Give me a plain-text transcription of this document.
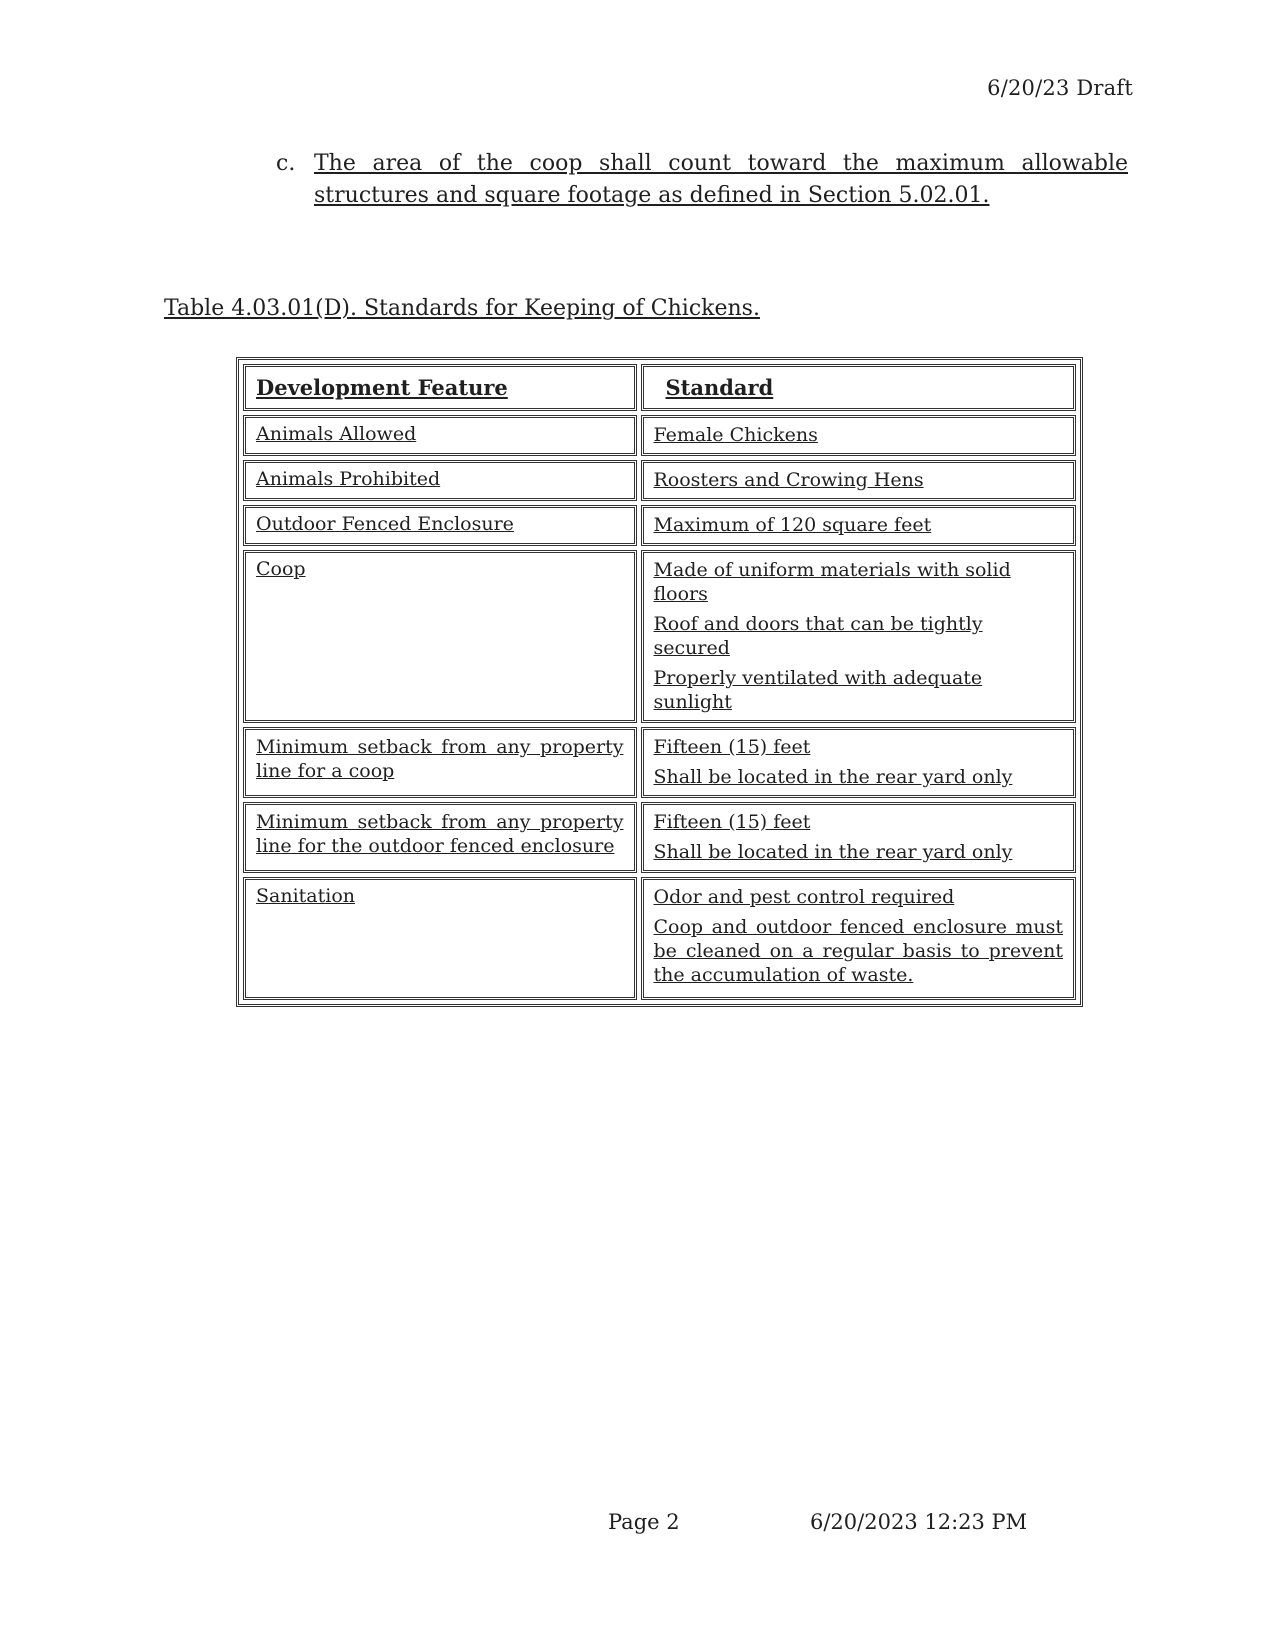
6/20/23 Draft
c. The area of the coop shall count toward the maximum allowable structures and square footage as defined in Section 5.02.01.
Table 4.03.01(D). Standards for Keeping of Chickens.
Development Feature	Standard
Animals Allowed	Female Chickens

Animals Prohibited	Roosters and Crowing Hens

Outdoor Fenced Enclosure	Maximum of 120 square feet

Coop	Made of uniform materials with solid floors
Roof and doors that can be tightly secured
Properly ventilated with adequate sunlight

Minimum setback from any property line for a coop	Fifteen (15) feet
Shall be located in the rear yard only

Minimum setback from any property line for the outdoor fenced enclosure	Fifteen (15) feet
Shall be located in the rear yard only

Sanitation	Odor and pest control required
Coop and outdoor fenced enclosure must be cleaned on a regular basis to prevent the accumulation of waste.
Page 2	6/20/2023 12:23 PM
